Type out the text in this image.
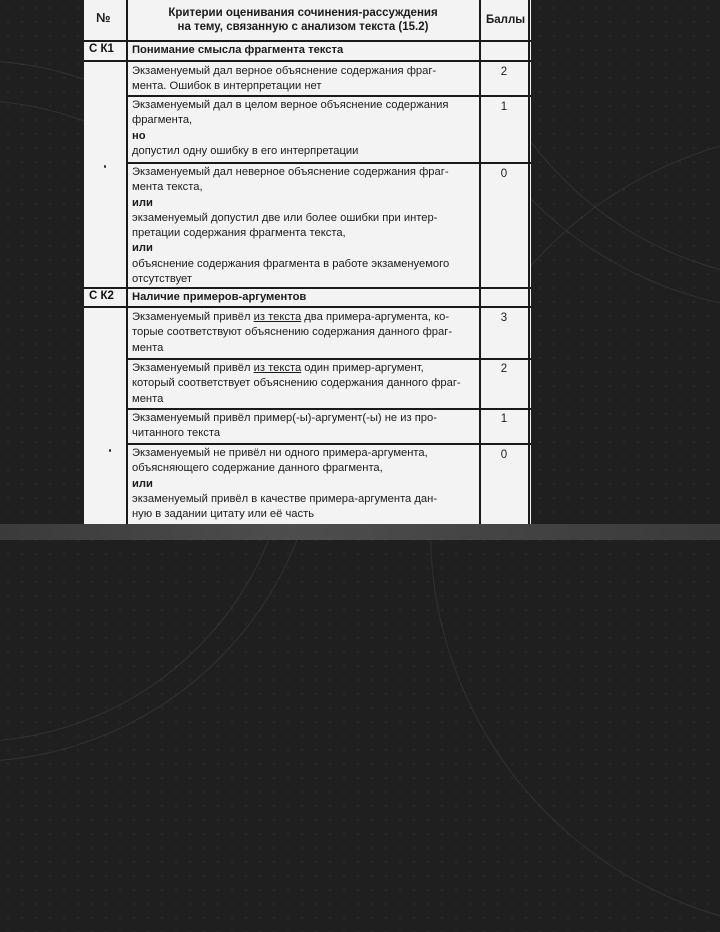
№	Критерии оценивания сочинения-рассуждения
на тему, связанную с анализом текста (15.2)
Баллы
С К1 Понимание смысла фрагмента текста
Экзаменуемый дал верное объяснение содержания фраг-
мента. Ошибок в интерпретации нет
2
Экзаменуемый дал в целом верное объяснение содержания
фрагмента,
но
допустил одну ошибку в его интерпретации
1
Экзаменуемый дал неверное объяснение содержания фраг-
мента текста,
или
экзаменуемый допустил две или более ошибки при интер-
претации содержания фрагмента текста,
или
объяснение содержания фрагмента в работе экзаменуемого
отсутствует
0
С К2 Наличие примеров-аргументов
Экзаменуемый привёл из текста два примера-аргумента, ко-
торые соответствуют объяснению содержания данного фраг-
мента
3
Экзаменуемый привёл из текста один пример-аргумент,
который соответствует объяснению содержания данного фраг-
мента
2
Экзаменуемый привёл пример(-ы)-аргумент(-ы) не из про-
читанного текста
1
Экзаменуемый не привёл ни одного примера-аргумента,
объясняющего содержание данного фрагмента,
или
экзаменуемый привёл в качестве примера-аргумента дан-
ную в задании цитату или её часть
0
